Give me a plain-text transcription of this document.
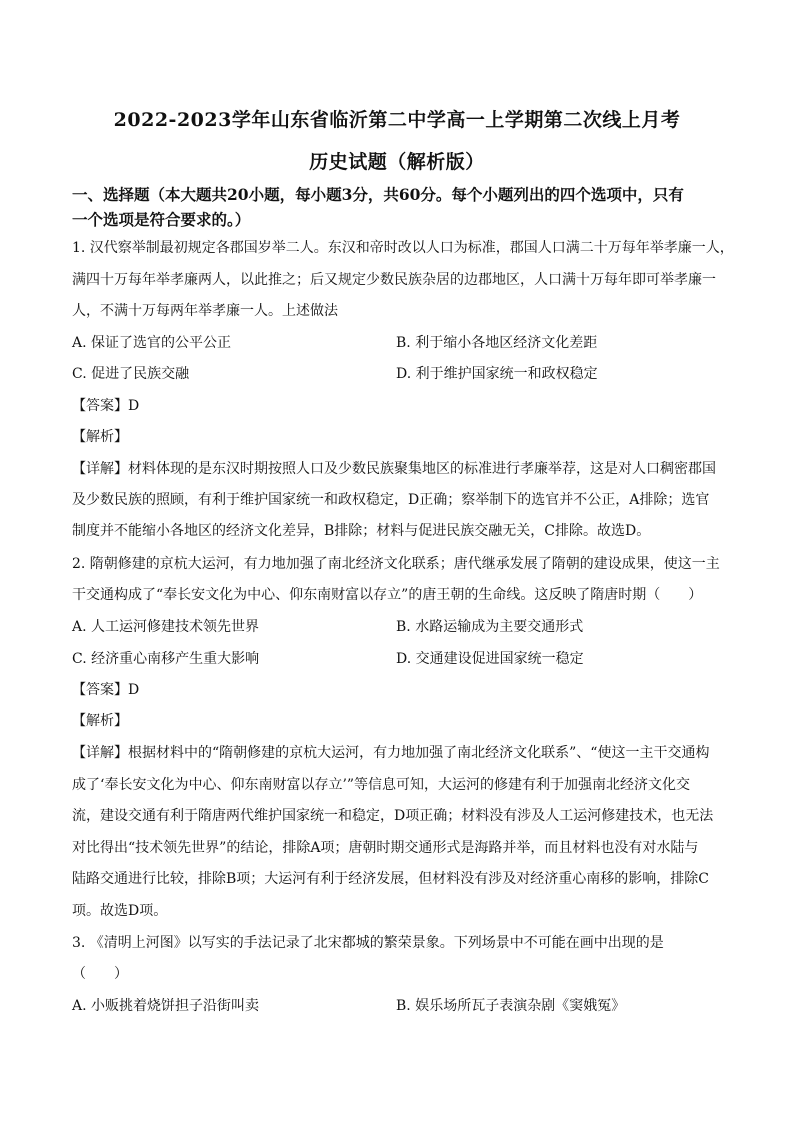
2022-2023学年山东省临沂第二中学高一上学期第二次线上月考
历史试题（解析版）
一、选择题（本大题共20小题，每小题3分，共60分。每个小题列出的四个选项中，只有
一个选项是符合要求的。）
1. 汉代察举制最初规定各郡国岁举二人。东汉和帝时改以人口为标准，郡国人口满二十万每年举孝廉一人，
满四十万每年举孝廉两人，以此推之；后又规定少数民族杂居的边郡地区，人口满十万每年即可举孝廉一
人，不满十万每两年举孝廉一人。上述做法
A. 保证了选官的公平公正	B. 利于缩小各地区经济文化差距
C. 促进了民族交融	D. 利于维护国家统一和政权稳定
【答案】D
【解析】
【详解】材料体现的是东汉时期按照人口及少数民族聚集地区的标准进行孝廉举荐，这是对人口稠密郡国
及少数民族的照顾，有利于维护国家统一和政权稳定，D正确；察举制下的选官并不公正，A排除；选官
制度并不能缩小各地区的经济文化差异，B排除；材料与促进民族交融无关，C排除。故选D。
2. 隋朝修建的京杭大运河，有力地加强了南北经济文化联系；唐代继承发展了隋朝的建设成果，使这一主
干交通构成了“奉长安文化为中心、仰东南财富以存立”的唐王朝的生命线。这反映了隋唐时期（　　）
A. 人工运河修建技术领先世界	B. 水路运输成为主要交通形式
C. 经济重心南移产生重大影响	D. 交通建设促进国家统一稳定
【答案】D
【解析】
【详解】根据材料中的“隋朝修建的京杭大运河，有力地加强了南北经济文化联系”、“使这一主干交通构
成了‘奉长安文化为中心、仰东南财富以存立’”等信息可知，大运河的修建有利于加强南北经济文化交
流，建设交通有利于隋唐两代维护国家统一和稳定，D项正确；材料没有涉及人工运河修建技术，也无法
对比得出“技术领先世界”的结论，排除A项；唐朝时期交通形式是海路并举，而且材料也没有对水陆与
陆路交通进行比较，排除B项；大运河有利于经济发展，但材料没有涉及对经济重心南移的影响，排除C
项。故选D项。
3. 《清明上河图》以写实的手法记录了北宋都城的繁荣景象。下列场景中不可能在画中出现的是
（　　）
A. 小贩挑着烧饼担子沿街叫卖	B. 娱乐场所瓦子表演杂剧《窦娥冤》
